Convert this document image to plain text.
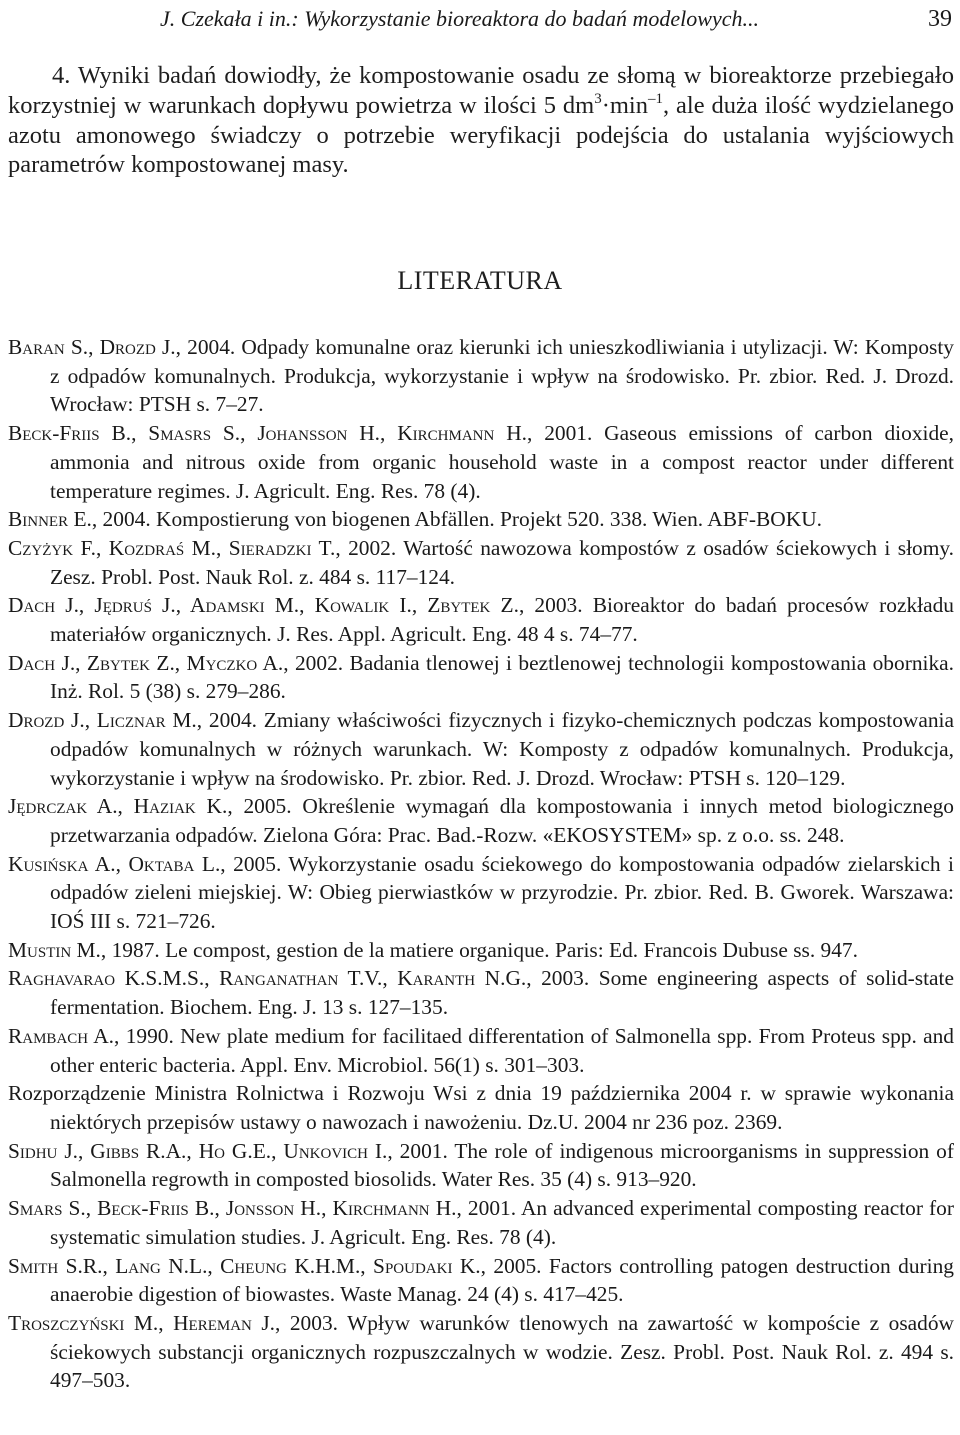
J. Czekała i in.: Wykorzystanie bioreaktora do badań modelowych...	39

4. Wyniki badań dowiodły, że kompostowanie osadu ze słomą w bioreaktorze przebiegało korzystniej w warunkach dopływu powietrza w ilości 5 $dm^3\cdot\min^{-1}$, ale duża ilość wydzielanego azotu amonowego świadczy o potrzebie weryfikacji podejścia do ustalania wyjściowych parametrów kompostowanej masy.

LITERATURA
Baran S., Drozd J., 2004. Odpady komunalne oraz kierunki ich unieszkodliwiania i utylizacji. W: Komposty z odpadów komunalnych. Produkcja, wykorzystanie i wpływ na środowisko. Pr. zbior. Red. J. Drozd. Wrocław: PTSH s. 7–27.
Beck-Friis B., Smasrs S., Johansson H., Kirchmann H., 2001. Gaseous emissions of carbon dioxide, ammonia and nitrous oxide from organic household waste in a compost reactor under different temperature regimes. J. Agricult. Eng. Res. 78 (4).
Binner E., 2004. Kompostierung von biogenen Abfällen. Projekt 520. 338. Wien. ABF-BOKU.
Czyżyk F., Kozdraś M., Sieradzki T., 2002. Wartość nawozowa kompostów z osadów ściekowych i słomy. Zesz. Probl. Post. Nauk Rol. z. 484 s. 117–124.
Dach J., Jędruś J., Adamski M., Kowalik I., Zbytek Z., 2003. Bioreaktor do badań procesów rozkładu materiałów organicznych. J. Res. Appl. Agricult. Eng. 48 4 s. 74–77.
Dach J., Zbytek Z., Myczko A., 2002. Badania tlenowej i beztlenowej technologii kompostowania obornika. Inż. Rol. 5 (38) s. 279–286.
Drozd J., Licznar M., 2004. Zmiany właściwości fizycznych i fizyko-chemicznych podczas kompostowania odpadów komunalnych w różnych warunkach. W: Komposty z odpadów komunalnych. Produkcja, wykorzystanie i wpływ na środowisko. Pr. zbior. Red. J. Drozd. Wrocław: PTSH s. 120–129.
Jędrczak A., Haziak K., 2005. Określenie wymagań dla kompostowania i innych metod biologicznego przetwarzania odpadów. Zielona Góra: Prac. Bad.-Rozw. «EKOSYSTEM» sp. z o.o. ss. 248.
Kusińska A., Oktaba L., 2005. Wykorzystanie osadu ściekowego do kompostowania odpadów zielarskich i odpadów zieleni miejskiej. W: Obieg pierwiastków w przyrodzie. Pr. zbior. Red. B. Gworek. Warszawa: IOŚ III s. 721–726.
Mustin M., 1987. Le compost, gestion de la matiere organique. Paris: Ed. Francois Dubuse ss. 947.
Raghavarao K.S.M.S., Ranganathan T.V., Karanth N.G., 2003. Some engineering aspects of solid-state fermentation. Biochem. Eng. J. 13 s. 127–135.
Rambach A., 1990. New plate medium for facilitaed differentation of Salmonella spp. From Proteus spp. and other enteric bacteria. Appl. Env. Microbiol. 56(1) s. 301–303.
Rozporządzenie Ministra Rolnictwa i Rozwoju Wsi z dnia 19 października 2004 r. w sprawie wykonania niektórych przepisów ustawy o nawozach i nawożeniu. Dz.U. 2004 nr 236 poz. 2369.
Sidhu J., Gibbs R.A., Ho G.E., Unkovich I., 2001. The role of indigenous microorganisms in suppression of Salmonella regrowth in composted biosolids. Water Res. 35 (4) s. 913–920.
Smars S., Beck-Friis B., Jonsson H., Kirchmann H., 2001. An advanced experimental composting reactor for systematic simulation studies. J. Agricult. Eng. Res. 78 (4).
Smith S.R., Lang N.L., Cheung K.H.M., Spoudaki K., 2005. Factors controlling patogen destruction during anaerobie digestion of biowastes. Waste Manag. 24 (4) s. 417–425.
Troszczyński M., Hereman J., 2003. Wpływ warunków tlenowych na zawartość w kompoście z osadów ściekowych substancji organicznych rozpuszczalnych w wodzie. Zesz. Probl. Post. Nauk Rol. z. 494 s. 497–503.
